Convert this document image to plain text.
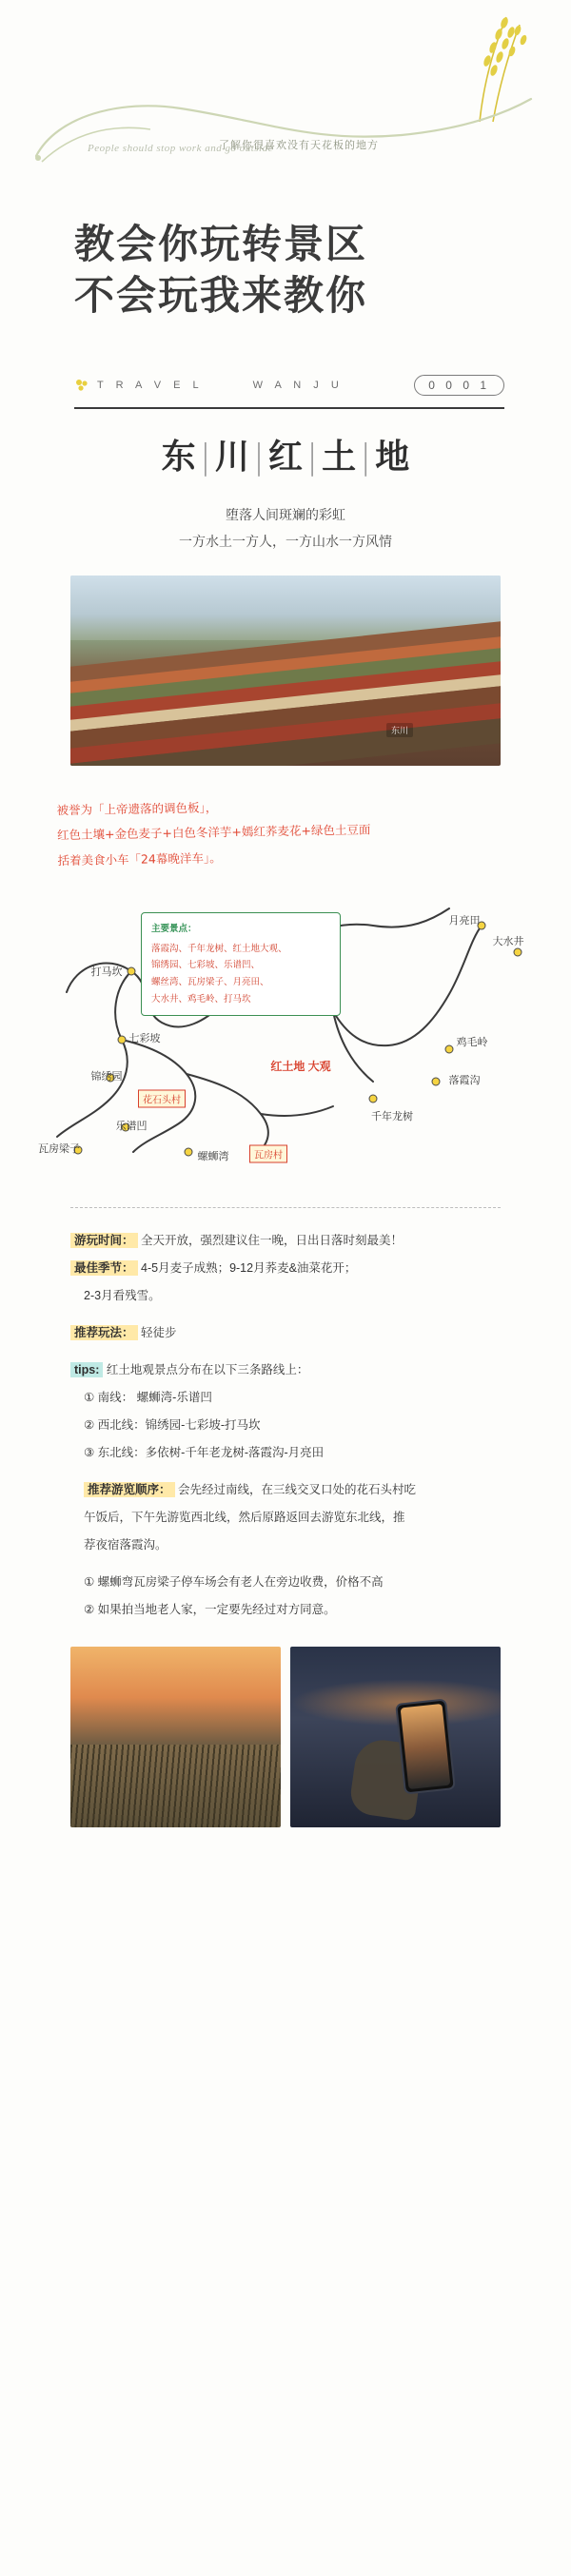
People should stop work and go outside
了解你很喜欢没有天花板的地方
教会你玩转景区
不会玩我来教你
T R A V E L	W A N J U	0 0 0 1
东 | 川 | 红 | 土 | 地
堕落人间斑斓的彩虹
一方水土一方人，一方山水一方风情
东川
被誉为「上帝遗落的调色板」，
红色土壤+金色麦子+白色冬洋芋+嫣红荞麦花+绿色土豆面
括着美食小车「24幕晚洋车」。
主要景点：
落霞沟、千年龙树、红土地大观、
锦绣园、七彩坡、乐谱凹、
螺丝湾、瓦房梁子、月亮田、
大水井、鸡毛岭、打马坎
月亮田
大水井
打马坎
七彩坡
锦绣园
鸡毛岭
落霞沟
千年龙树
乐谱凹
瓦房梁子
螺蛳湾
红土地 大观
花石头村
瓦房村

游玩时间： 全天开放，强烈建议住一晚，日出日落时刻最美！

最佳季节： 4-5月麦子成熟；9-12月荞麦&油菜花开；

2-3月看残雪。

推荐玩法： 轻徒步

tips: 红土地观景点分布在以下三条路线上：

① 南线： 螺蛳湾-乐谱凹

② 西北线：锦绣园-七彩坡-打马坎

③ 东北线：多依树-千年老龙树-落霞沟-月亮田

推荐游览顺序： 会先经过南线，在三线交叉口处的花石头村吃

午饭后，下午先游览西北线，然后原路返回去游览东北线，推

荐夜宿落霞沟。

① 螺蛳弯瓦房梁子停车场会有老人在旁边收费，价格不高

② 如果拍当地老人家，一定要先经过对方同意。
